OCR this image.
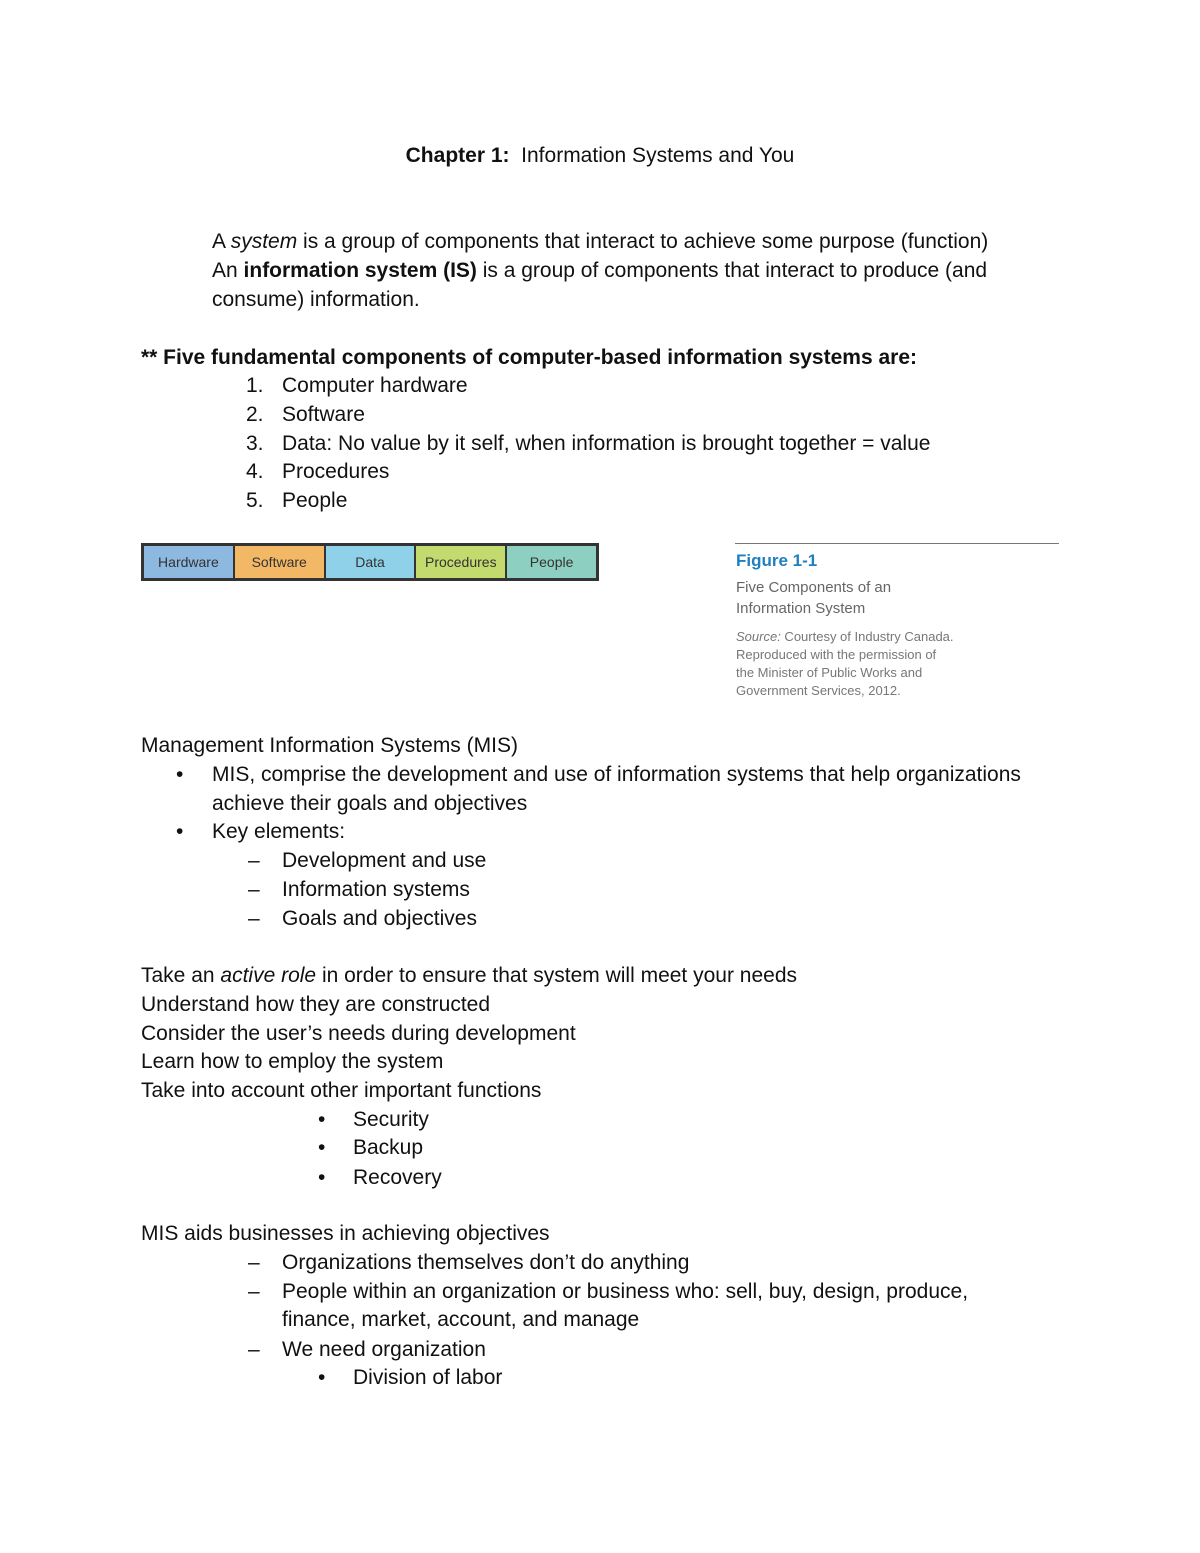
Chapter 1: Information Systems and You
A system is a group of components that interact to achieve some purpose (function)
An information system (IS) is a group of components that interact to produce (and
consume) information.
** Five fundamental components of computer-based information systems are:
1. Computer hardware
2. Software
3. Data: No value by it self, when information is brought together = value
4. Procedures
5. People
Hardware	Software	Data	Procedures	People	Figure 1-1
Five Components of an
Information System
Source: Courtesy of Industry Canada.
Reproduced with the permission of
the Minister of Public Works and
Government Services, 2012.
Management Information Systems (MIS)
• MIS, comprise the development and use of information systems that help organizations
achieve their goals and objectives
• Key elements:
– Development and use
– Information systems
– Goals and objectives
Take an active role in order to ensure that system will meet your needs
Understand how they are constructed
Consider the user’s needs during development
Learn how to employ the system
Take into account other important functions
• Security
• Backup
• Recovery
MIS aids businesses in achieving objectives
– Organizations themselves don’t do anything
– People within an organization or business who: sell, buy, design, produce,
finance, market, account, and manage
– We need organization
• Division of labor
